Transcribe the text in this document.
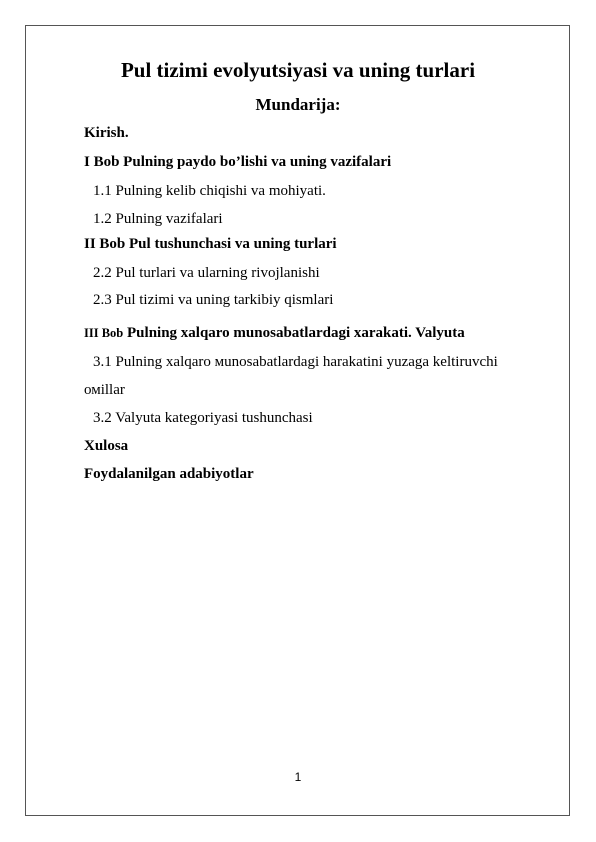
Pul tizimi evolyutsiyasi va uning turlari
Mundarija:

Kirish.

I Bob Pulning paydo bo’lishi va uning vazifalari

1.1 Pulning kelib chiqishi va mohiyati.

1.2 Pulning vazifalari

II Bob Pul tushunchasi va uning turlari

2.2 Pul turlari va ularning rivojlanishi

2.3 Pul tizimi va uning tarkibiy qismlari

III Bob Pulning xalqaro munosabatlardagi xarakati. Valyuta

3.1 Pulning xalqaro мunosabatlardagi harakatini yuzaga keltiruvchi

омillar

3.2 Valyuta kategoriyasi tushunchasi

Xulosa

Foydalanilgan adabiyotlar

1
